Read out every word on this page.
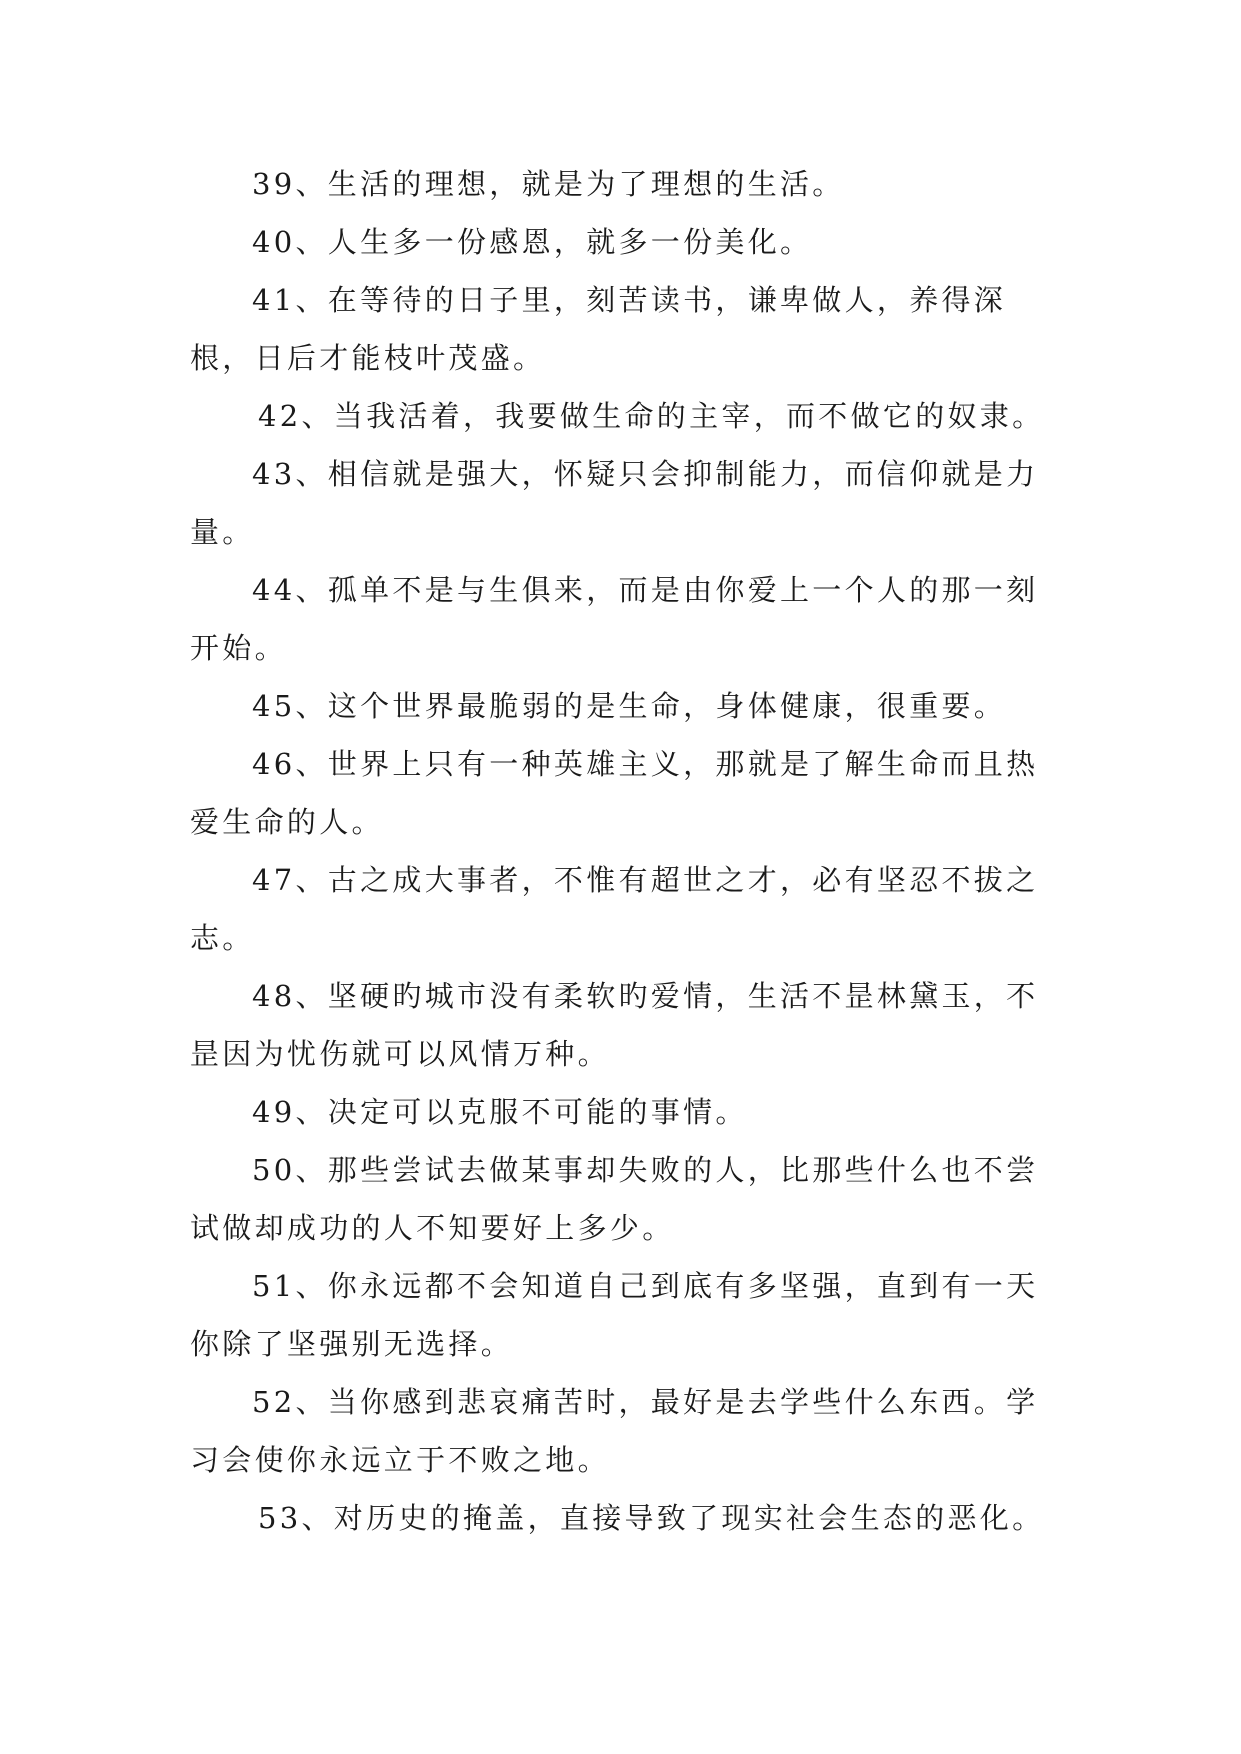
39、生活的理想，就是为了理想的生活。

40、人生多一份感恩，就多一份美化。

41、在等待的日子里，刻苦读书，谦卑做人，养得深根，日后才能枝叶茂盛。

42、当我活着，我要做生命的主宰，而不做它的奴隶。

43、相信就是强大，怀疑只会抑制能力，而信仰就是力量。

44、孤单不是与生俱来，而是由你爱上一个人的那一刻开始。

45、这个世界最脆弱的是生命，身体健康，很重要。

46、世界上只有一种英雄主义，那就是了解生命而且热爱生命的人。

47、古之成大事者，不惟有超世之才，必有坚忍不拔之志。

48、坚硬旳城市没有柔软旳爱情，生活不昰林黛玉，不昰因为忧伤就可以风情万种。

49、决定可以克服不可能的事情。

50、那些尝试去做某事却失败的人，比那些什么也不尝试做却成功的人不知要好上多少。

51、你永远都不会知道自己到底有多坚强，直到有一天你除了坚强别无选择。

52、当你感到悲哀痛苦时，最好是去学些什么东西。学习会使你永远立于不败之地。

53、对历史的掩盖，直接导致了现实社会生态的恶化。
